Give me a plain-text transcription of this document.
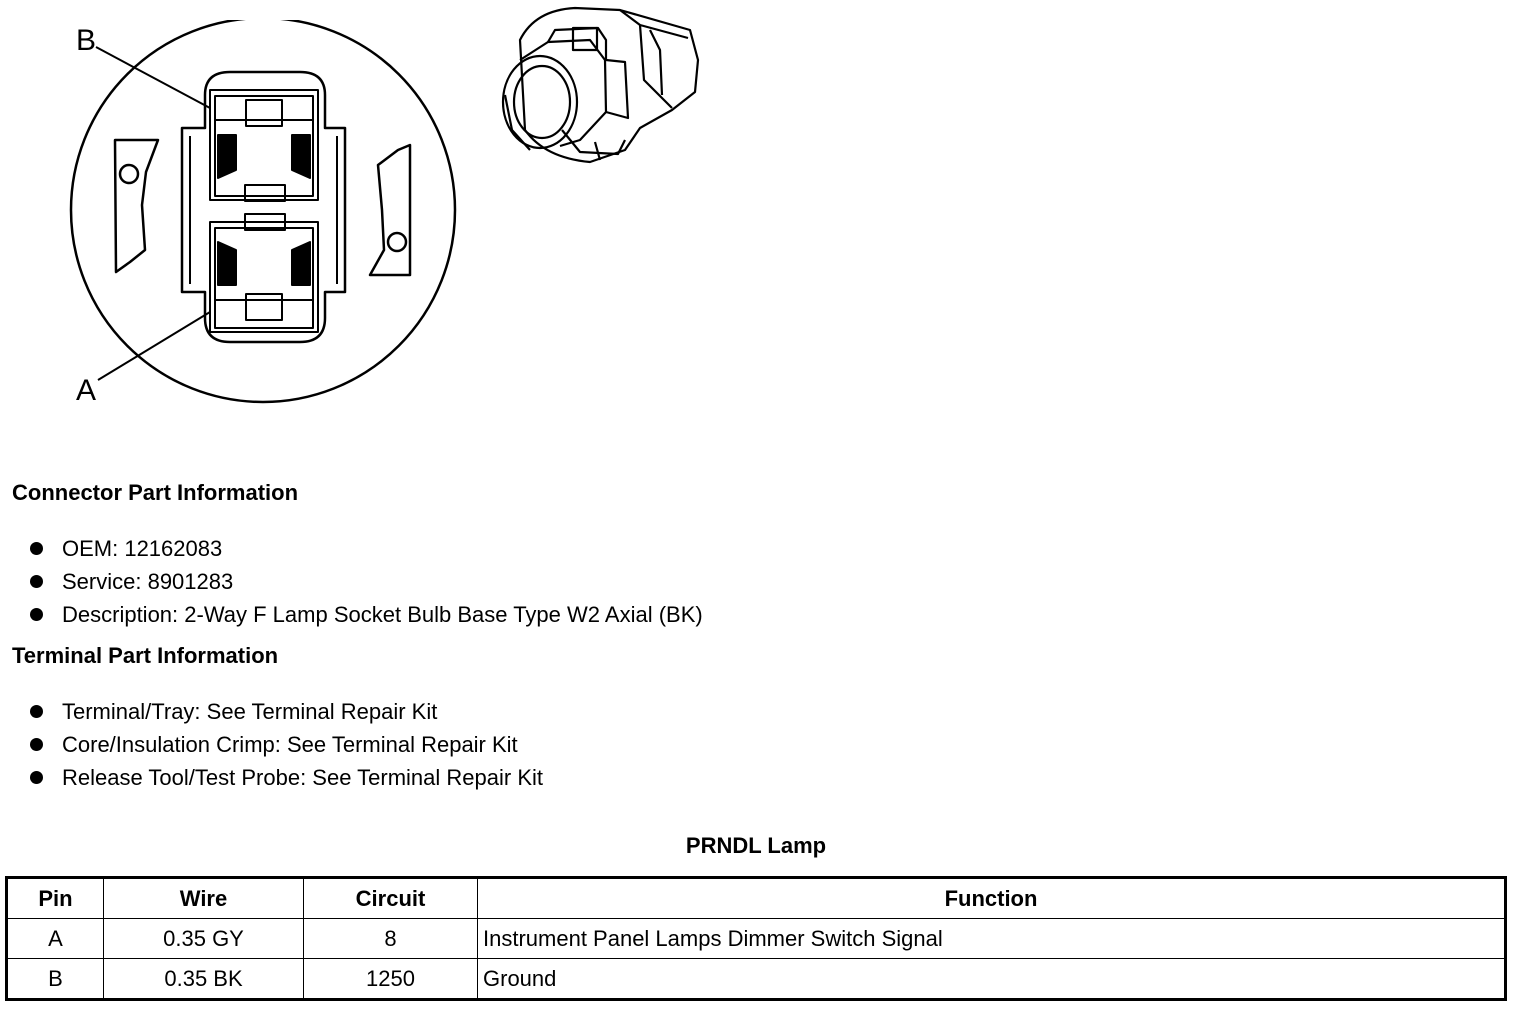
B
A
Connector Part Information
OEM: 12162083
Service: 8901283
Description: 2-Way F Lamp Socket Bulb Base Type W2 Axial (BK)
Terminal Part Information
Terminal/Tray: See Terminal Repair Kit
Core/Insulation Crimp: See Terminal Repair Kit
Release Tool/Test Probe: See Terminal Repair Kit
PRNDL Lamp
Pin	Wire	Circuit	Function
A	0.35 GY	8	Instrument Panel Lamps Dimmer Switch Signal
B	0.35 BK	1250	Ground
